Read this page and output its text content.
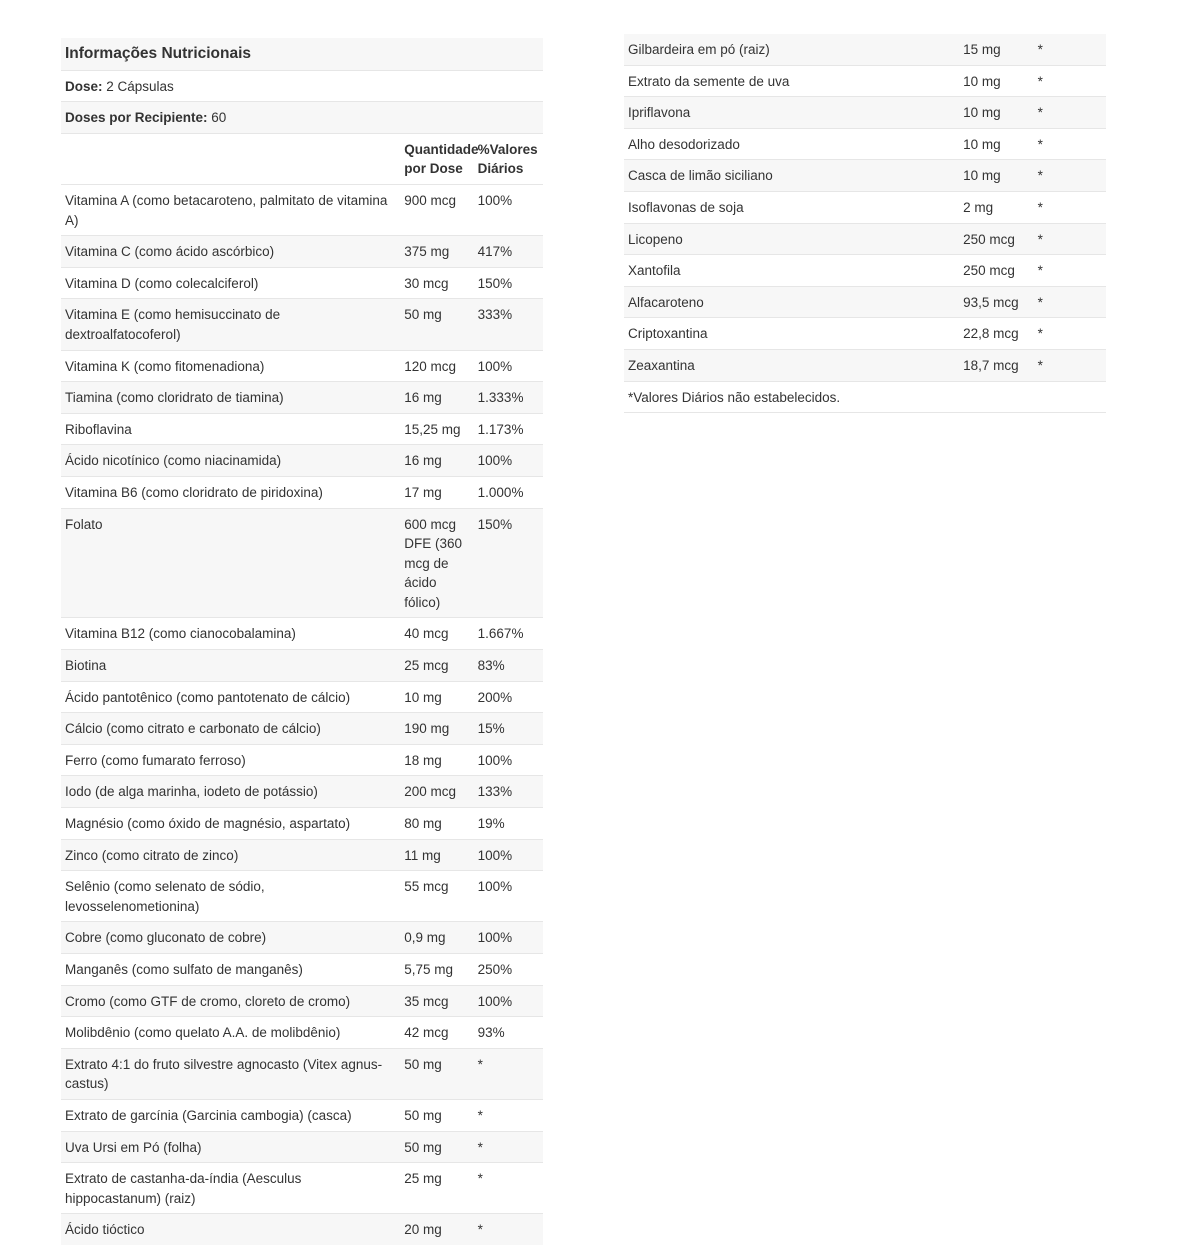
Informações Nutricionais		
Dose: 2 Cápsulas		
Doses por Recipiente: 60		
	Quantidade por Dose	%Valores Diários
Vitamina A (como betacaroteno, palmitato de vitamina A)	900 mcg	100%
Vitamina C (como ácido ascórbico)	375 mg	417%
Vitamina D (como colecalciferol)	30 mcg	150%
Vitamina E (como hemisuccinato de dextroalfatocoferol)	50 mg	333%
Vitamina K (como fitomenadiona)	120 mcg	100%
Tiamina (como cloridrato de tiamina)	16 mg	1.333%
Riboflavina	15,25 mg	1.173%
Ácido nicotínico (como niacinamida)	16 mg	100%
Vitamina B6 (como cloridrato de piridoxina)	17 mg	1.000%
Folato	600 mcg DFE (360 mcg de ácido fólico)	150%
Vitamina B12 (como cianocobalamina)	40 mcg	1.667%
Biotina	25 mcg	83%
Ácido pantotênico (como pantotenato de cálcio)	10 mg	200%
Cálcio (como citrato e carbonato de cálcio)	190 mg	15%
Ferro (como fumarato ferroso)	18 mg	100%
Iodo (de alga marinha, iodeto de potássio)	200 mcg	133%
Magnésio (como óxido de magnésio, aspartato)	80 mg	19%
Zinco (como citrato de zinco)	11 mg	100%
Selênio (como selenato de sódio, levosselenometionina)	55 mcg	100%
Cobre (como gluconato de cobre)	0,9 mg	100%
Manganês (como sulfato de manganês)	5,75 mg	250%
Cromo (como GTF de cromo, cloreto de cromo)	35 mcg	100%
Molibdênio (como quelato A.A. de molibdênio)	42 mcg	93%
Extrato 4:1 do fruto silvestre agnocasto (Vitex agnus-castus)	50 mg	*
Extrato de garcínia (Garcinia cambogia) (casca)	50 mg	*
Uva Ursi em Pó (folha)	50 mg	*
Extrato de castanha-da-índia (Aesculus hippocastanum) (raiz)	25 mg	*
Ácido tióctico	20 mg	*
Gilbardeira em pó (raiz)	15 mg	*
Extrato da semente de uva	10 mg	*
Ipriflavona	10 mg	*
Alho desodorizado	10 mg	*
Casca de limão siciliano	10 mg	*
Isoflavonas de soja	2 mg	*
Licopeno	250 mcg	*
Xantofila	250 mcg	*
Alfacaroteno	93,5 mcg	*
Criptoxantina	22,8 mcg	*
Zeaxantina	18,7 mcg	*
*Valores Diários não estabelecidos.		
